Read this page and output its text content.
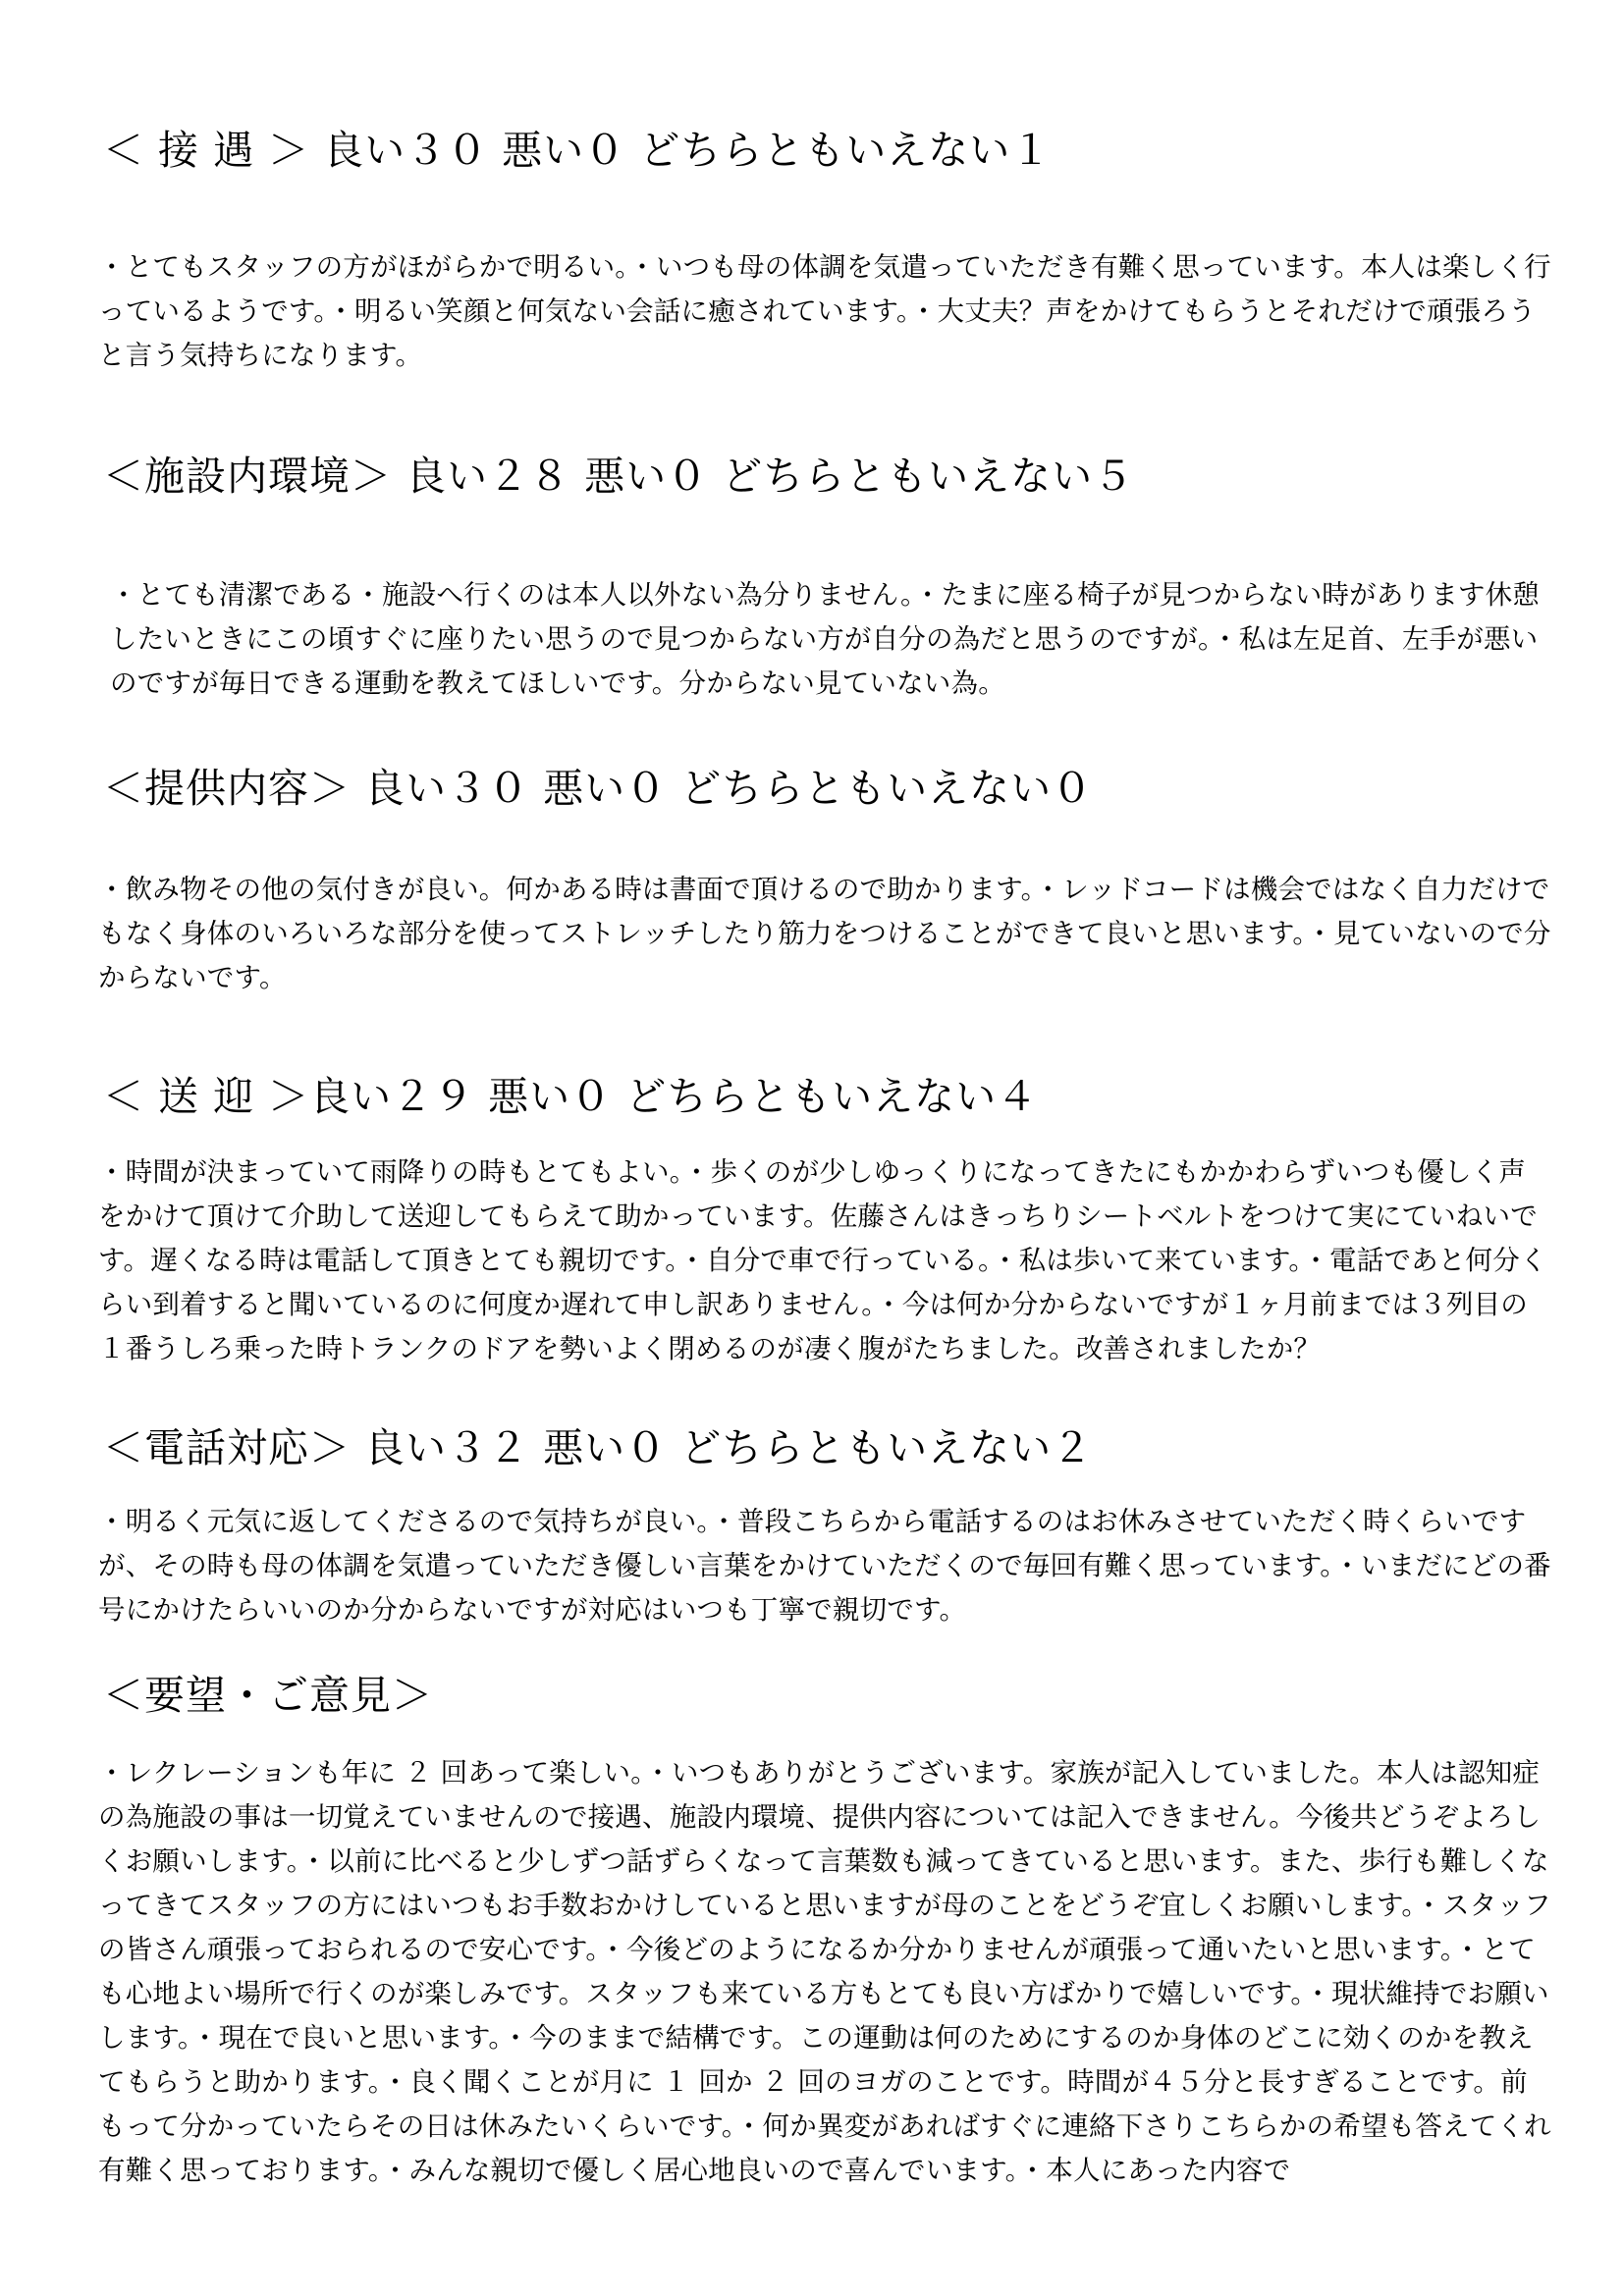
＜ 接 遇 ＞ 良い３０ 悪い０ どちらともいえない１

・とてもスタッフの方がほがらかで明るい。・いつも母の体調を気遣っていただき有難く思っています。本人は楽しく行っているようです。・明るい笑顔と何気ない会話に癒されています。・大丈夫？声をかけてもらうとそれだけで頑張ろうと言う気持ちになります。

＜施設内環境＞ 良い２８ 悪い０ どちらともいえない５

・とても清潔である・施設へ行くのは本人以外ない為分りません。・たまに座る椅子が見つからない時があります休憩したいときにこの頃すぐに座りたい思うので見つからない方が自分の為だと思うのですが。・私は左足首、左手が悪いのですが毎日できる運動を教えてほしいです。分からない見ていない為。

＜提供内容＞ 良い３０ 悪い０ どちらともいえない０

・飲み物その他の気付きが良い。何かある時は書面で頂けるので助かります。・レッドコードは機会ではなく自力だけでもなく身体のいろいろな部分を使ってストレッチしたり筋力をつけることができて良いと思います。・見ていないので分からないです。

＜ 送 迎 ＞良い２９ 悪い０ どちらともいえない４

・時間が決まっていて雨降りの時もとてもよい。・歩くのが少しゆっくりになってきたにもかかわらずいつも優しく声をかけて頂けて介助して送迎してもらえて助かっています。佐藤さんはきっちりシートベルトをつけて実にていねいです。遅くなる時は電話して頂きとても親切です。・自分で車で行っている。・私は歩いて来ています。・電話であと何分くらい到着すると聞いているのに何度か遅れて申し訳ありません。・今は何か分からないですが１ヶ月前までは３列目の１番うしろ乗った時トランクのドアを勢いよく閉めるのが凄く腹がたちました。改善されましたか？

＜電話対応＞ 良い３２ 悪い０ どちらともいえない２

・明るく元気に返してくださるので気持ちが良い。・普段こちらから電話するのはお休みさせていただく時くらいですが、その時も母の体調を気遣っていただき優しい言葉をかけていただくので毎回有難く思っています。・いまだにどの番号にかけたらいいのか分からないですが対応はいつも丁寧で親切です。

＜要望・ご意見＞

・レクレーションも年に ２ 回あって楽しい。・いつもありがとうございます。家族が記入していました。本人は認知症の為施設の事は一切覚えていませんので接遇、施設内環境、提供内容については記入できません。今後共どうぞよろしくお願いします。・以前に比べると少しずつ話ずらくなって言葉数も減ってきていると思います。また、歩行も難しくなってきてスタッフの方にはいつもお手数おかけしていると思いますが母のことをどうぞ宜しくお願いします。・スタッフの皆さん頑張っておられるので安心です。・今後どのようになるか分かりませんが頑張って通いたいと思います。・とても心地よい場所で行くのが楽しみです。スタッフも来ている方もとても良い方ばかりで嬉しいです。・現状維持でお願いします。・現在で良いと思います。・今のままで結構です。この運動は何のためにするのか身体のどこに効くのかを教えてもらうと助かります。・良く聞くことが月に １ 回か ２ 回のヨガのことです。時間が４５分と長すぎることです。前もって分かっていたらその日は休みたいくらいです。・何か異変があればすぐに連絡下さりこちらかの希望も答えてくれ有難く思っております。・みんな親切で優しく居心地良いので喜んでいます。・本人にあった内容で
